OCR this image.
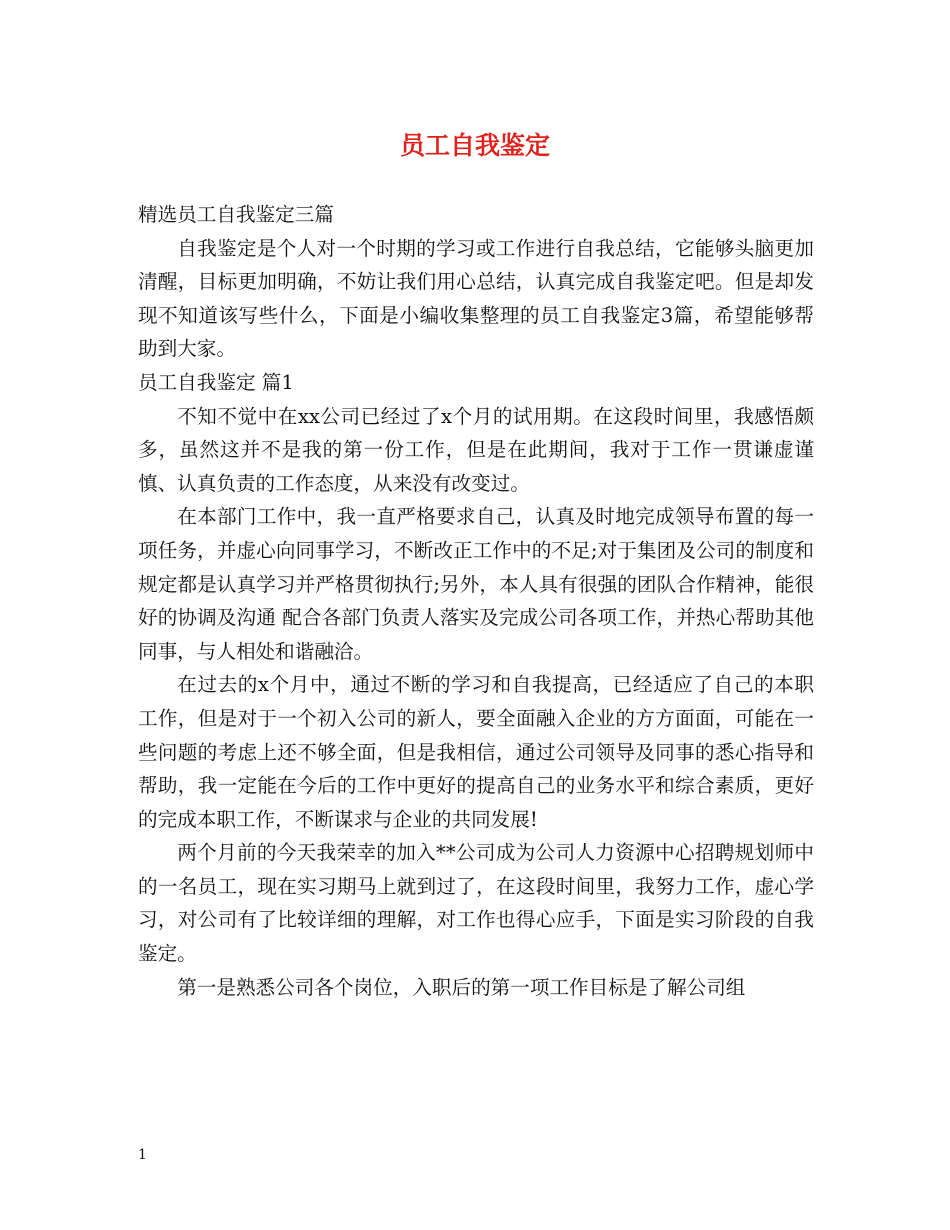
员工自我鉴定

精选员工自我鉴定三篇

自我鉴定是个人对一个时期的学习或工作进行自我总结，它能够头脑更加清醒，目标更加明确，不妨让我们用心总结，认真完成自我鉴定吧。但是却发现不知道该写些什么，下面是小编收集整理的员工自我鉴定3篇，希望能够帮助到大家。

员工自我鉴定 篇1

不知不觉中在xx公司已经过了x个月的试用期。在这段时间里，我感悟颇多，虽然这并不是我的第一份工作，但是在此期间，我对于工作一贯谦虚谨慎、认真负责的工作态度，从来没有改变过。

在本部门工作中，我一直严格要求自己，认真及时地完成领导布置的每一项任务，并虚心向同事学习，不断改正工作中的不足;对于集团及公司的制度和规定都是认真学习并严格贯彻执行;另外，本人具有很强的团队合作精神，能很好的协调及沟通 配合各部门负责人落实及完成公司各项工作，并热心帮助其他同事，与人相处和谐融洽。

在过去的x个月中，通过不断的学习和自我提高，已经适应了自己的本职工作，但是对于一个初入公司的新人，要全面融入企业的方方面面，可能在一些问题的考虑上还不够全面，但是我相信，通过公司领导及同事的悉心指导和帮助，我一定能在今后的工作中更好的提高自己的业务水平和综合素质，更好的完成本职工作，不断谋求与企业的共同发展!

两个月前的今天我荣幸的加入**公司成为公司人力资源中心招聘规划师中的一名员工，现在实习期马上就到过了，在这段时间里，我努力工作，虚心学习，对公司有了比较详细的理解，对工作也得心应手，下面是实习阶段的自我鉴定。

第一是熟悉公司各个岗位，入职后的第一项工作目标是了解公司组

1
